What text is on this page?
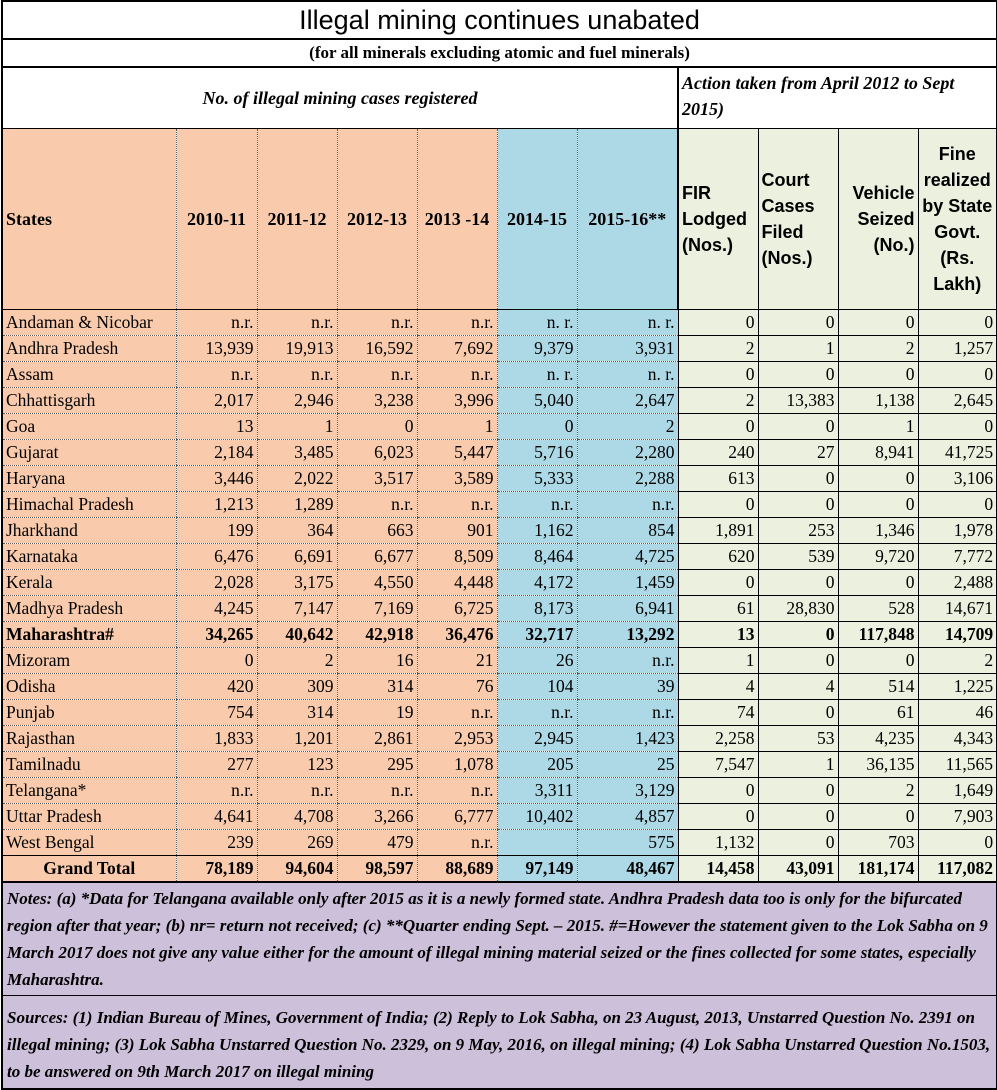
Illegal mining continues unabated										
(for all minerals excluding atomic and fuel minerals)										
No. of illegal mining cases registered							Action taken from April 2012 to Sept 2015)			
States	2010-11	2011-12	2012-13	2013 -14	2014-15	2015-16**	FIR Lodged (Nos.)	Court Cases Filed (Nos.)	Vehicle Seized (No.)	Fine realized by State Govt. (Rs. Lakh)
Andaman & Nicobar	n.r.	n.r.	n.r.	n.r.	n. r.	n. r.	0	0	0	0
Andhra Pradesh	13,939	19,913	16,592	7,692	9,379	3,931	2	1	2	1,257
Assam	n.r.	n.r.	n.r.	n.r.	n. r.	n. r.	0	0	0	0
Chhattisgarh	2,017	2,946	3,238	3,996	5,040	2,647	2	13,383	1,138	2,645
Goa	13	1	0	1	0	2	0	0	1	0
Gujarat	2,184	3,485	6,023	5,447	5,716	2,280	240	27	8,941	41,725
Haryana	3,446	2,022	3,517	3,589	5,333	2,288	613	0	0	3,106
Himachal Pradesh	1,213	1,289	n.r.	n.r.	n.r.	n.r.	0	0	0	0
Jharkhand	199	364	663	901	1,162	854	1,891	253	1,346	1,978
Karnataka	6,476	6,691	6,677	8,509	8,464	4,725	620	539	9,720	7,772
Kerala	2,028	3,175	4,550	4,448	4,172	1,459	0	0	0	2,488
Madhya Pradesh	4,245	7,147	7,169	6,725	8,173	6,941	61	28,830	528	14,671
Maharashtra#	34,265	40,642	42,918	36,476	32,717	13,292	13	0	117,848	14,709
Mizoram	0	2	16	21	26	n.r.	1	0	0	2
Odisha	420	309	314	76	104	39	4	4	514	1,225
Punjab	754	314	19	n.r.	n.r.	n.r.	74	0	61	46
Rajasthan	1,833	1,201	2,861	2,953	2,945	1,423	2,258	53	4,235	4,343
Tamilnadu	277	123	295	1,078	205	25	7,547	1	36,135	11,565
Telangana*	n.r.	n.r.	n.r.	n.r.	3,311	3,129	0	0	2	1,649
Uttar Pradesh	4,641	4,708	3,266	6,777	10,402	4,857	0	0	0	7,903
West Bengal	239	269	479	n.r.		575	1,132	0	703	0
Grand Total	78,189	94,604	98,597	88,689	97,149	48,467	14,458	43,091	181,174	117,082
Notes: (a) *Data for Telangana available only after 2015 as it is a newly formed state. Andhra Pradesh data too is only for the bifurcated region after that year; (b) nr= return not received; (c) **Quarter ending Sept. – 2015. #=However the statement given to the Lok Sabha on 9 March 2017 does not give any value either for the amount of illegal mining material seized or the fines collected for some states, especially Maharashtra.										
Sources: (1) Indian Bureau of Mines, Government of India; (2) Reply to Lok Sabha, on 23 August, 2013, Unstarred Question No. 2391 on illegal mining; (3) Lok Sabha Unstarred Question No. 2329, on 9 May, 2016, on illegal mining; (4) Lok Sabha Unstarred Question No.1503, to be answered on 9th March 2017 on illegal mining										
